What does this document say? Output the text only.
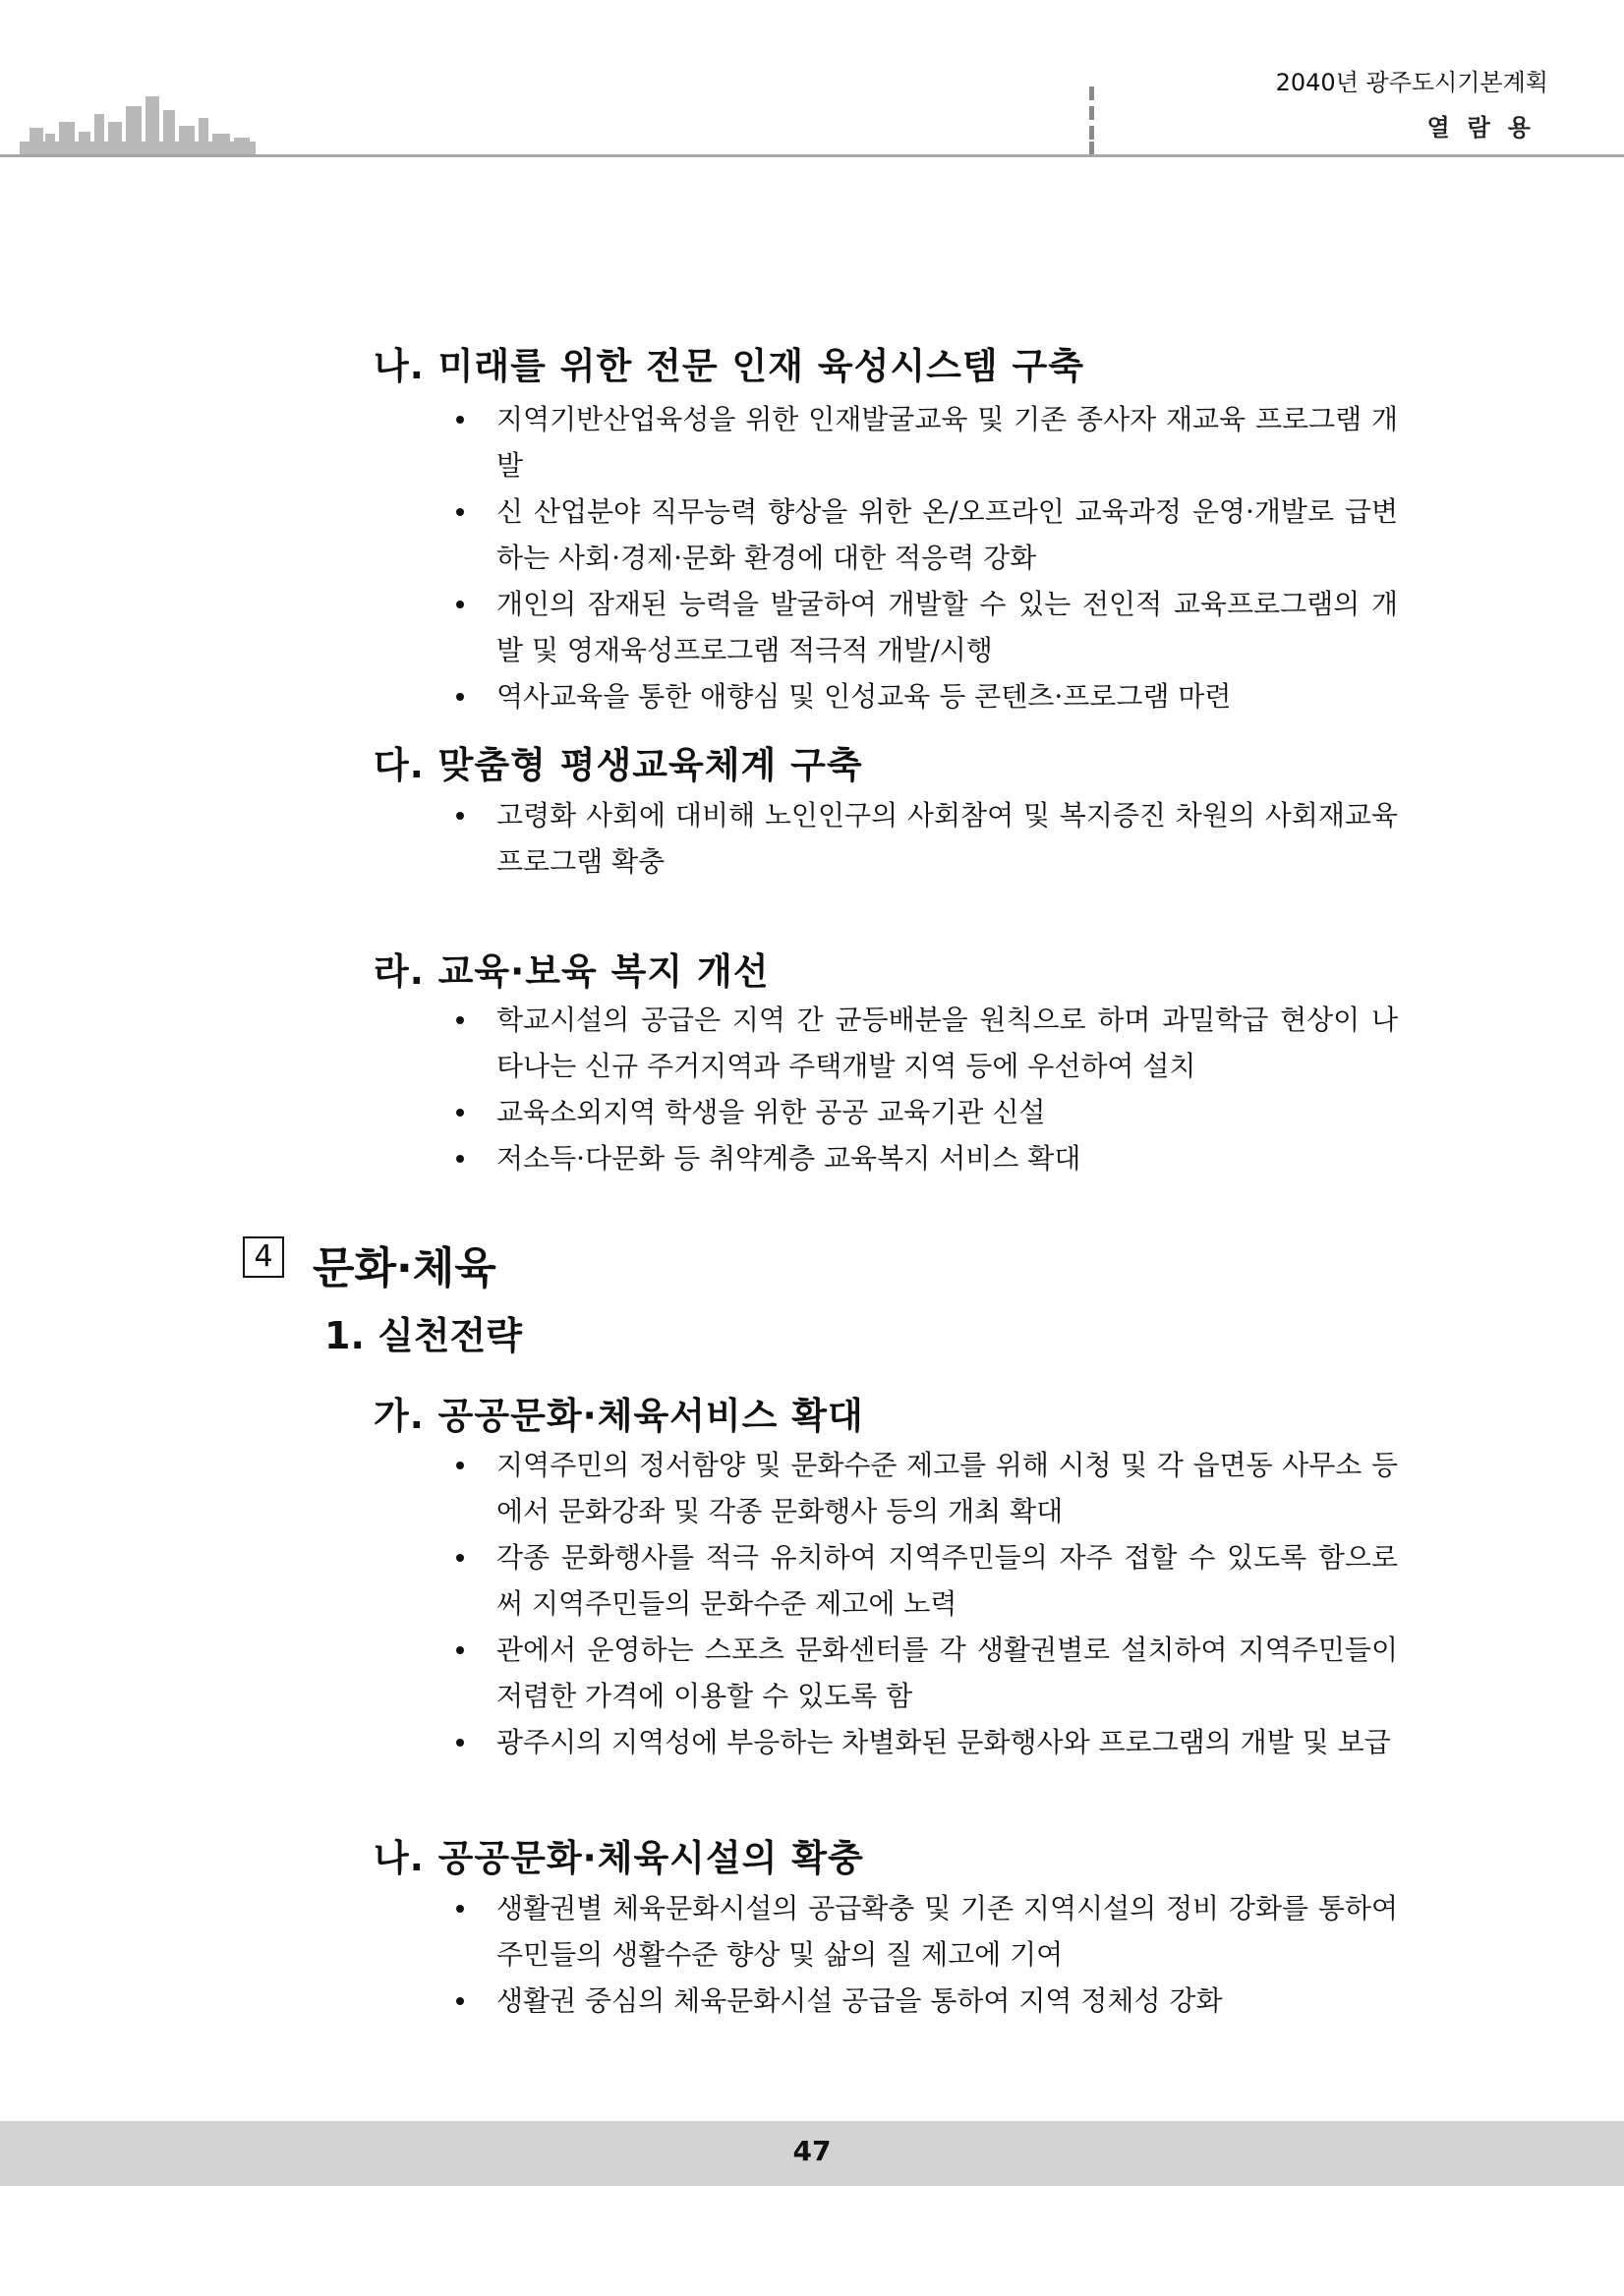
2040년 광주도시기본계획
열람용
나. 미래를 위한 전문 인재 육성시스템 구축
지역기반산업육성을 위한 인재발굴교육 및 기존 종사자 재교육 프로그램 개발
신 산업분야 직무능력 향상을 위한 온/오프라인 교육과정 운영·개발로 급변하는 사회·경제·문화 환경에 대한 적응력 강화
개인의 잠재된 능력을 발굴하여 개발할 수 있는 전인적 교육프로그램의 개발 및 영재육성프로그램 적극적 개발/시행
역사교육을 통한 애향심 및 인성교육 등 콘텐츠·프로그램 마련
다. 맞춤형 평생교육체계 구축
고령화 사회에 대비해 노인인구의 사회참여 및 복지증진 차원의 사회재교육 프로그램 확충
라. 교육·보육 복지 개선
학교시설의 공급은 지역 간 균등배분을 원칙으로 하며 과밀학급 현상이 나타나는 신규 주거지역과 주택개발 지역 등에 우선하여 설치
교육소외지역 학생을 위한 공공 교육기관 신설
저소득·다문화 등 취약계층 교육복지 서비스 확대
4 문화·체육
1. 실천전략
가. 공공문화·체육서비스 확대
지역주민의 정서함양 및 문화수준 제고를 위해 시청 및 각 읍면동 사무소 등에서 문화강좌 및 각종 문화행사 등의 개최 확대
각종 문화행사를 적극 유치하여 지역주민들의 자주 접할 수 있도록 함으로써 지역주민들의 문화수준 제고에 노력
관에서 운영하는 스포츠 문화센터를 각 생활권별로 설치하여 지역주민들이 저렴한 가격에 이용할 수 있도록 함
광주시의 지역성에 부응하는 차별화된 문화행사와 프로그램의 개발 및 보급
나. 공공문화·체육시설의 확충
생활권별 체육문화시설의 공급확충 및 기존 지역시설의 정비 강화를 통하여 주민들의 생활수준 향상 및 삶의 질 제고에 기여
생활권 중심의 체육문화시설 공급을 통하여 지역 정체성 강화
47
